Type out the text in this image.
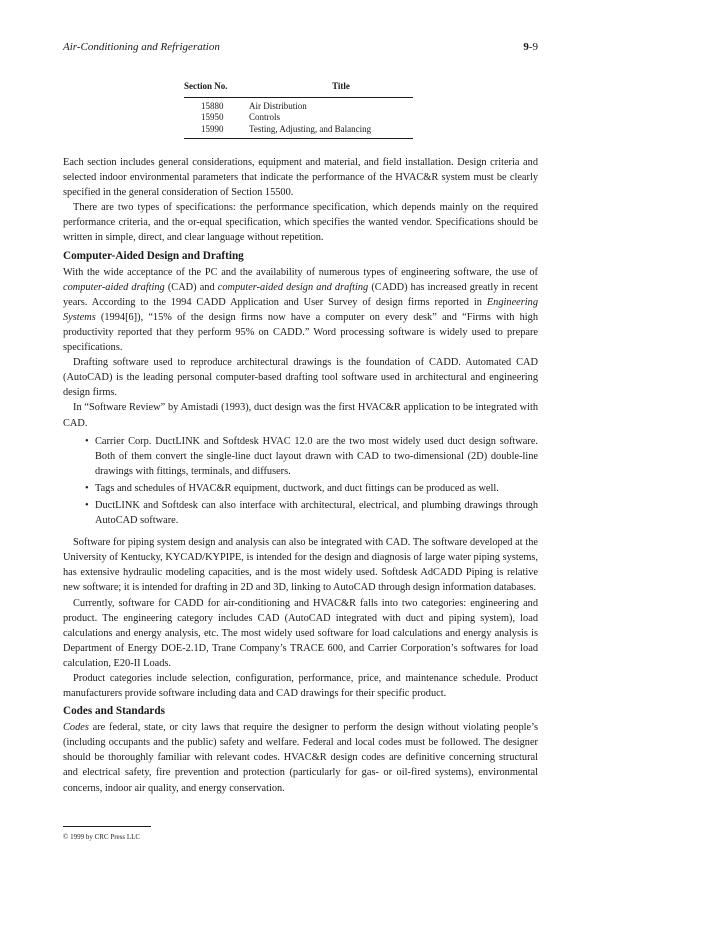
Air-Conditioning and Refrigeration	9-9
Section No.	Title
15880	Air Distribution
15950	Controls
15990	Testing, Adjusting, and Balancing

Each section includes general considerations, equipment and material, and field installation. Design criteria and selected indoor environmental parameters that indicate the performance of the HVAC&R system must be clearly specified in the general consideration of Section 15500.

There are two types of specifications: the performance specification, which depends mainly on the required performance criteria, and the or-equal specification, which specifies the wanted vendor. Specifications should be written in simple, direct, and clear language without repetition.

Computer-Aided Design and Drafting

With the wide acceptance of the PC and the availability of numerous types of engineering software, the use of computer-aided drafting (CAD) and computer-aided design and drafting (CADD) has increased greatly in recent years. According to the 1994 CADD Application and User Survey of design firms reported in Engineering Systems (1994[6]), “15% of the design firms now have a computer on every desk” and “Firms with high productivity reported that they perform 95% on CADD.” Word processing software is widely used to prepare specifications.

Drafting software used to reproduce architectural drawings is the foundation of CADD. Automated CAD (AutoCAD) is the leading personal computer-based drafting tool software used in architectural and engineering design firms.

In “Software Review” by Amistadi (1993), duct design was the first HVAC&R application to be integrated with CAD.

• Carrier Corp. DuctLINK and Softdesk HVAC 12.0 are the two most widely used duct design software. Both of them convert the single-line duct layout drawn with CAD to two-dimensional (2D) double-line drawings with fittings, terminals, and diffusers.
• Tags and schedules of HVAC&R equipment, ductwork, and duct fittings can be produced as well.
• DuctLINK and Softdesk can also interface with architectural, electrical, and plumbing drawings through AutoCAD software.

Software for piping system design and analysis can also be integrated with CAD. The software developed at the University of Kentucky, KYCAD/KYPIPE, is intended for the design and diagnosis of large water piping systems, has extensive hydraulic modeling capacities, and is the most widely used. Softdesk AdCADD Piping is relative new software; it is intended for drafting in 2D and 3D, linking to AutoCAD through design information databases.

Currently, software for CADD for air-conditioning and HVAC&R falls into two categories: engineering and product. The engineering category includes CAD (AutoCAD integrated with duct and piping system), load calculations and energy analysis, etc. The most widely used software for load calculations and energy analysis is Department of Energy DOE-2.1D, Trane Company’s TRACE 600, and Carrier Corporation’s softwares for load calculation, E20-II Loads.

Product categories include selection, configuration, performance, price, and maintenance schedule. Product manufacturers provide software including data and CAD drawings for their specific product.

Codes and Standards

Codes are federal, state, or city laws that require the designer to perform the design without violating people’s (including occupants and the public) safety and welfare. Federal and local codes must be followed. The designer should be thoroughly familiar with relevant codes. HVAC&R design codes are definitive concerning structural and electrical safety, fire prevention and protection (particularly for gas- or oil-fired systems), environmental concerns, indoor air quality, and energy conservation.

© 1999 by CRC Press LLC
